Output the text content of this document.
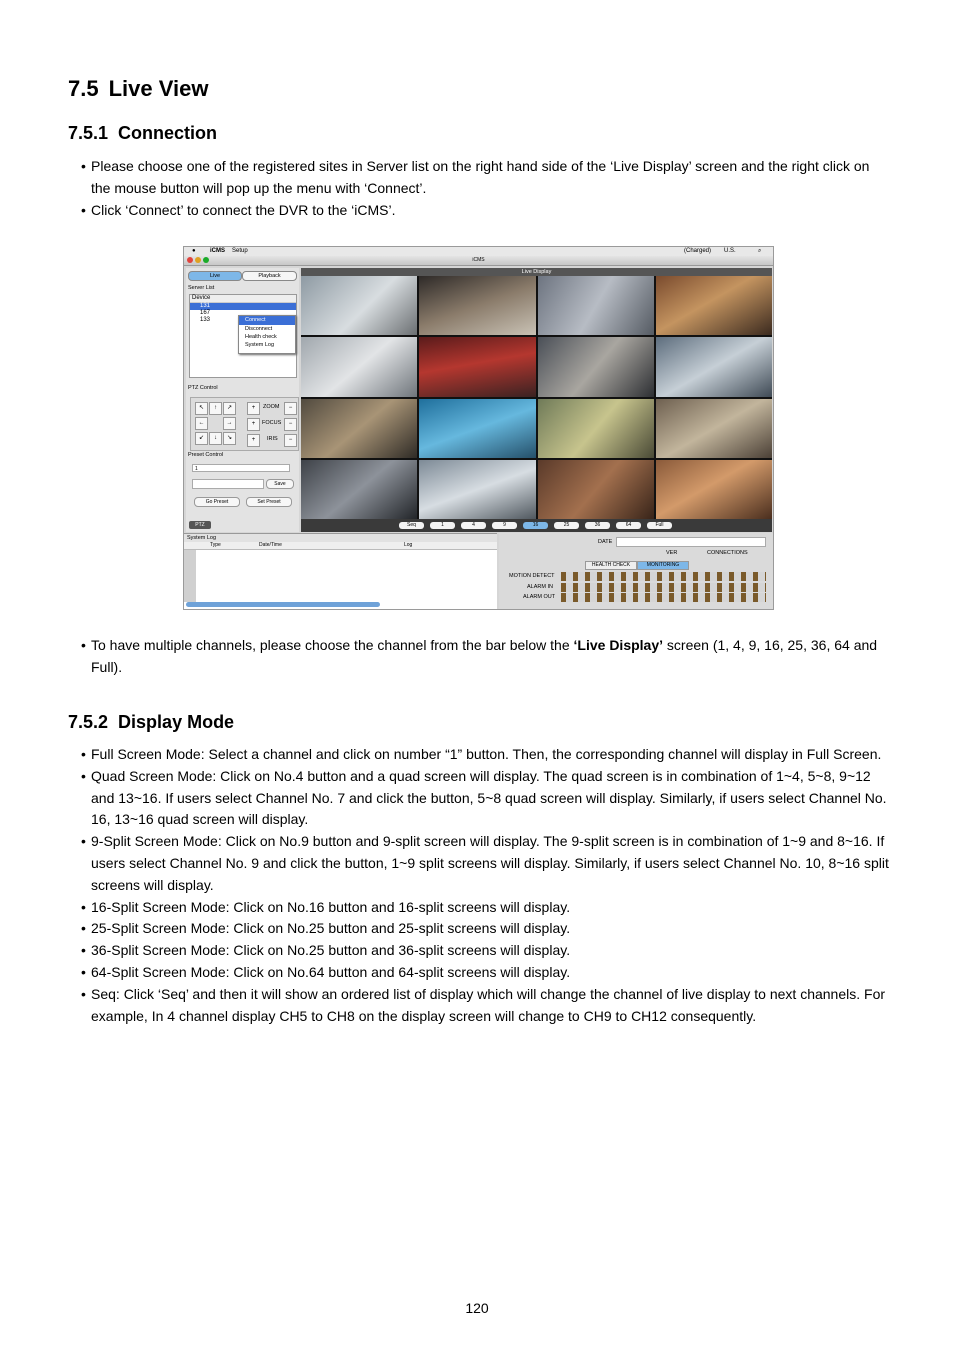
7.5 Live View
7.5.1 Connection
• Please choose one of the registered sites in Server list on the right hand side of the ‘Live Display’ screen and the right click on the mouse button will pop up the menu with ‘Connect’.
• Click ‘Connect’ to connect the DVR to the ‘iCMS’.
● iCMS Setup	(Charged) U.S.	⌕
iCMS
Live	Playback
Server List
Device
131
167
133	Connect
Disconnect
Health check
System Log
PTZ Control
↖	↑	↗
←	→
↙	↓	↘
+	ZOOM	−
+	FOCUS	−
+	IRIS	−
Preset Control
1
Save
Go Preset	Set Preset
PTZ
Live Display
Seq	1	4	9	16	25	36	64	Full
System Log
Type	Date/Time	Log	DATE
VER	CONNECTIONS
HEALTH CHECK	MONITORING
MOTION DETECT
ALARM IN
ALARM OUT
• To have multiple channels, please choose the channel from the bar below the ‘Live Display’ screen (1, 4, 9, 16, 25, 36, 64 and Full).
7.5.2 Display Mode
• Full Screen Mode: Select a channel and click on number “1” button. Then, the corresponding channel will display in Full Screen.
• Quad Screen Mode: Click on No.4 button and a quad screen will display. The quad screen is in combination of 1~4, 5~8, 9~12 and 13~16. If users select Channel No. 7 and click the button, 5~8 quad screen will display. Similarly, if users select Channel No. 16, 13~16 quad screen will display.
• 9-Split Screen Mode: Click on No.9 button and 9-split screen will display. The 9-split screen is in combination of 1~9 and 8~16. If users select Channel No. 9 and click the button, 1~9 split screens will display. Similarly, if users select Channel No. 10, 8~16 split screens will display.
• 16-Split Screen Mode: Click on No.16 button and 16-split screens will display.
• 25-Split Screen Mode: Click on No.25 button and 25-split screens will display.
• 36-Split Screen Mode: Click on No.25 button and 36-split screens will display.
• 64-Split Screen Mode: Click on No.64 button and 64-split screens will display.
• Seq: Click ‘Seq’ and then it will show an ordered list of display which will change the channel of live display to next channels. For example, In 4 channel display CH5 to CH8 on the display screen will change to CH9 to CH12 consequently.
120
